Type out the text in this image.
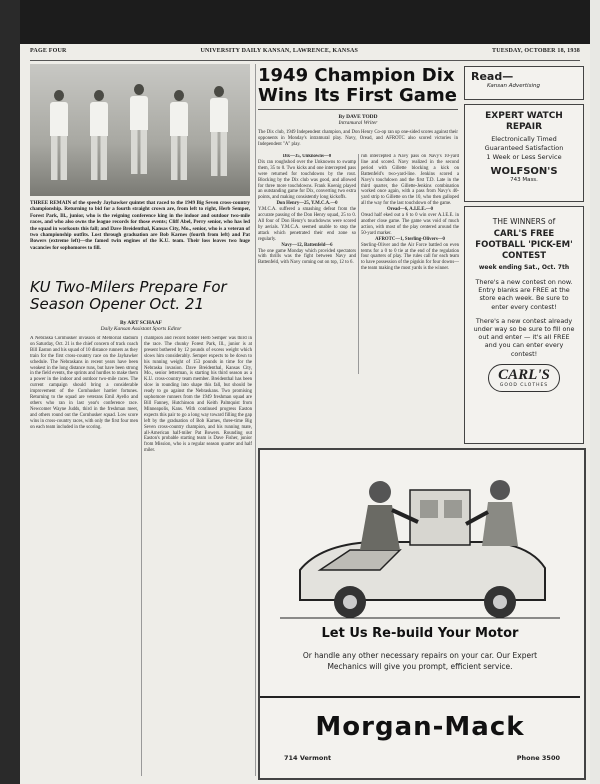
PAGE FOUR	UNIVERSITY DAILY KANSAN, LAWRENCE, KANSAS	TUESDAY, OCTOBER 18, 1938
THREE REMAIN of the speedy Jayhawker quintet that raced to the 1949 Big Seven cross-country championship. Returning to bid for a fourth straight crown are, from left to right, Herb Semper, Forest Park, Ill., junior, who is the reigning conference king in the indoor and outdoor two-mile races, and who also owns the league records for those events; Cliff Abel, Perry senior, who has led the squad in workouts this fall; and Dave Breidenthal, Kansas City, Mo., senior, who is a veteran of two championship outfits. Lost through graduation are Bob Karnes (fourth from left) and Pat Bowers (extreme left)—the famed twin engines of the K.U. team. Their loss leaves two huge vacancies for sophomores to fill.
KU Two-Milers Prepare For Season Opener Oct. 21
By ART SCHAAF
Daily Kansan Assistant Sports Editor
A Nebraska Cornhusker invasion of Memorial stadium on Saturday, Oct. 21 is the chief concern of track coach Bill Easton and his squad of 10 distance runners as they train for the first cross-country race on the Jayhawker schedule. The Nebraskans in recent years have been weakest in the long distance runs, but have been strong in the field events, the sprints and hurdles to make them a power in the indoor and outdoor two-mile races. The current campaign should bring a considerable improvement of the Cornhusker harrier fortunes. Returning to the squad are veterans Emil Ayello and others who ran in last year's conference race. Newcomer Wayne Judds, third in the freshman meet, and others round out the Cornhusker squad. Low score wins in cross-country races, with only the first four men on each team included in the scoring.
champion and record holder Herb Semper was third in the race. The chunky Forest Park, Ill., junior is at present bothered by 12 pounds of excess weight which slows him considerably. Semper expects to be down to his running weight of 153 pounds in time for the Nebraska invasion. Dave Breidenthal, Kansas City, Mo., senior letterman, is starting his third season as a K.U. cross-country team member. Breidenthal has been slow in rounding into shape this fall, but should be ready to go against the Nebraskans. Two promising sophomore runners from the 1949 freshman squad are Bill Fanney, Hutchinson and Keith Palmquist from Minneapolis, Kans. With continued progress Easton expects this pair to go a long way toward filling the gap left by the graduation of Bob Karnes, three-time Big Seven cross-country champion, and his running mate, all-American half-miler Pat Bowers. Rounding out Easton's probable starting team is Dave Fisher, junior from Mission, who is a regular season quarter and half miler.
1949 Champion Dix Wins Its First Game
By DAVE TODD
Intramural Writer
The Dix club, 1949 Independent champion, and Don Henry Co-op ran up one-sided scores against their opponents in Monday's intramural play. Navy, Oread, and AFROTC also scored victories in Independent "A" play.
Dix—35, Unknowns—0
Dix ran roughshod over the Unknowns to swamp them, 35 to 0. Two kicks and one intercepted pass were returned for touchdowns by the rout. Blocking by the Dix club was good, and allowed for three more touchdowns. Frank Koenig played an outstanding game for Dix, converting two extra points, and making consistently long kickoffs.
Don Henry—25, Y.M.C.A.—0
Y.M.C.A. suffered a smashing defeat from the accurate passing of the Don Henry squad, 25 to 0. All four of Don Henry's touchdowns were scored by aerials. Y.M.C.A. seemed unable to stop the attack which penetrated their end zone so regularly.
Navy—12, Battenfeld—6
The one game Monday which provided spectators with thrills was the fight between Navy and Battenfeld, with Navy coming out on top, 12 to 6.
ruh intercepted a Navy pass on Navy's 10-yard line and scored. Navy realized in the second period with Gillette blocking a kick on Battenfeld's two-yard-line. Jenkins scored a Navy's touchdown and the first T.D. Late in the third quarter, the Gillette-Jenkins combination worked once again, with a pass from Navy's 40-yard strip to Gillette on the 10, who then galloped all the way for the last touchdown of the game.
Oread—6, A.I.E.E.—0
Oread half eked out a 6 to 0 win over A.I.E.E. in another close game. The game was void of much action, with most of the play centered around the 50-yard marker.
AFROTC—1, Sterling-Olivers—0
Sterling-Oliver and the Air Force battled on even terms for a 0 to 0 tie at the end of the regulation four quarters of play. The rules call for each team to have possession of the pigskin for four downs—the team making the most yards is the winner.
Read—
Kansan Advertising
EXPERT WATCH REPAIR
Electronically Timed
Guaranteed Satisfaction
1 Week or Less Service
WOLFSON'S
743 Mass.
THE WINNERS of
CARL'S FREE FOOTBALL 'PICK-EM' CONTEST
week ending Sat., Oct. 7th
There's a new contest on now. Entry blanks are FREE at the store each week. Be sure to enter every contest!
There's a new contest already under way so be sure to fill one out and enter — it's all FREE and you can enter every contest!
CARL'S
GOOD CLOTHES
Let Us Re-build Your Motor
Or handle any other necessary repairs on your car. Our Expert Mechanics will give you prompt, efficient service.
Morgan-Mack
714 Vermont	Phone 3500
